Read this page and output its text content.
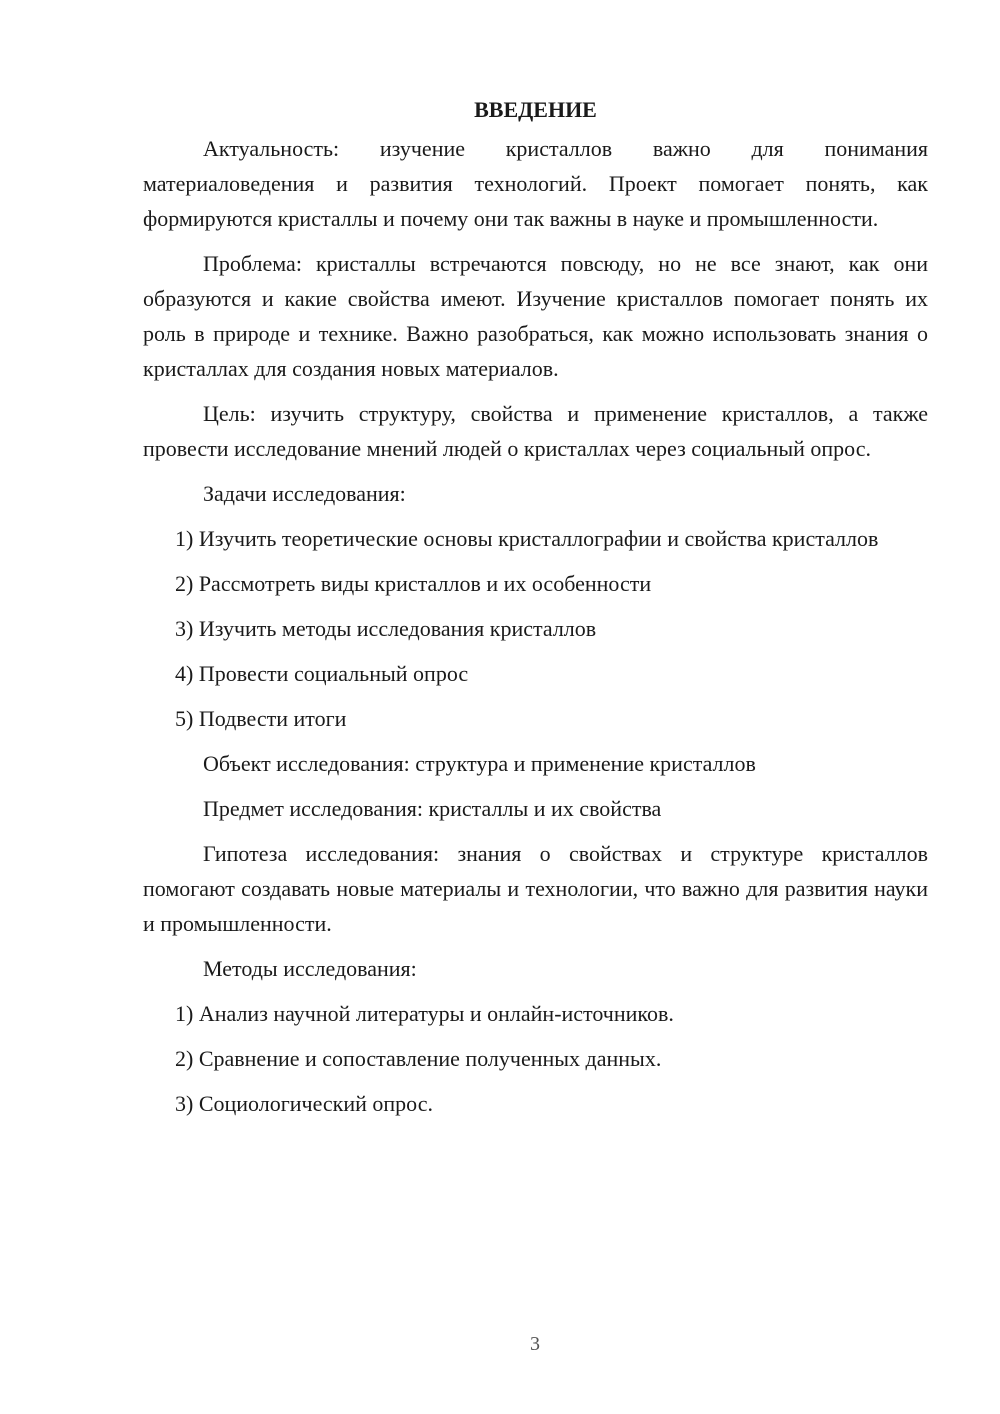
ВВЕДЕНИЕ

Актуальность: изучение кристаллов важно для понимания материаловедения и развития технологий. Проект помогает понять, как формируются кристаллы и почему они так важны в науке и промышленности.

Проблема: кристаллы встречаются повсюду, но не все знают, как они образуются и какие свойства имеют. Изучение кристаллов помогает понять их роль в природе и технике. Важно разобраться, как можно использовать знания о кристаллах для создания новых материалов.

Цель: изучить структуру, свойства и применение кристаллов, а также провести исследование мнений людей о кристаллах через социальный опрос.

Задачи исследования:

1) Изучить теоретические основы кристаллографии и свойства кристаллов

2) Рассмотреть виды кристаллов и их особенности

3) Изучить методы исследования кристаллов

4) Провести социальный опрос

5) Подвести итоги

Объект исследования: структура и применение кристаллов

Предмет исследования: кристаллы и их свойства

Гипотеза исследования: знания о свойствах и структуре кристаллов помогают создавать новые материалы и технологии, что важно для развития науки и промышленности.

Методы исследования:

1) Анализ научной литературы и онлайн-источников.

2) Сравнение и сопоставление полученных данных.

3) Социологический опрос.

3
